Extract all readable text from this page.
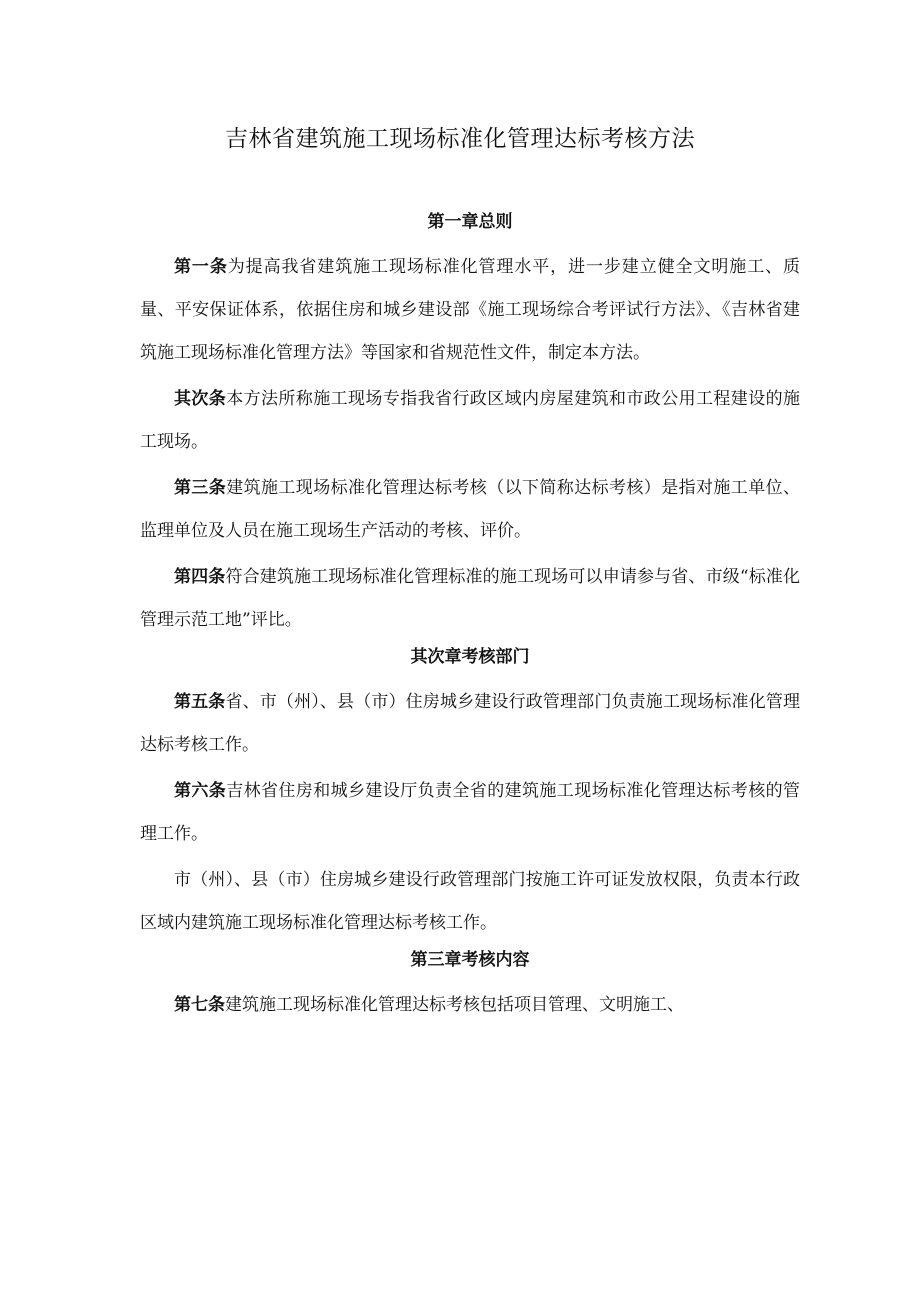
吉林省建筑施工现场标准化管理达标考核方法
第一章总则

第一条为提高我省建筑施工现场标准化管理水平，进一步建立健全文明施工、质量、平安保证体系，依据住房和城乡建设部《施工现场综合考评试行方法》、《吉林省建筑施工现场标准化管理方法》等国家和省规范性文件，制定本方法。

其次条本方法所称施工现场专指我省行政区域内房屋建筑和市政公用工程建设的施工现场。

第三条建筑施工现场标准化管理达标考核（以下简称达标考核）是指对施工单位、监理单位及人员在施工现场生产活动的考核、评价。

第四条符合建筑施工现场标准化管理标准的施工现场可以申请参与省、市级“标准化管理示范工地”评比。

其次章考核部门

第五条省、市（州）、县（市）住房城乡建设行政管理部门负责施工现场标准化管理达标考核工作。

第六条吉林省住房和城乡建设厅负责全省的建筑施工现场标准化管理达标考核的管理工作。

市（州）、县（市）住房城乡建设行政管理部门按施工许可证发放权限，负责本行政区域内建筑施工现场标准化管理达标考核工作。

第三章考核内容

第七条建筑施工现场标准化管理达标考核包括项目管理、文明施工、
